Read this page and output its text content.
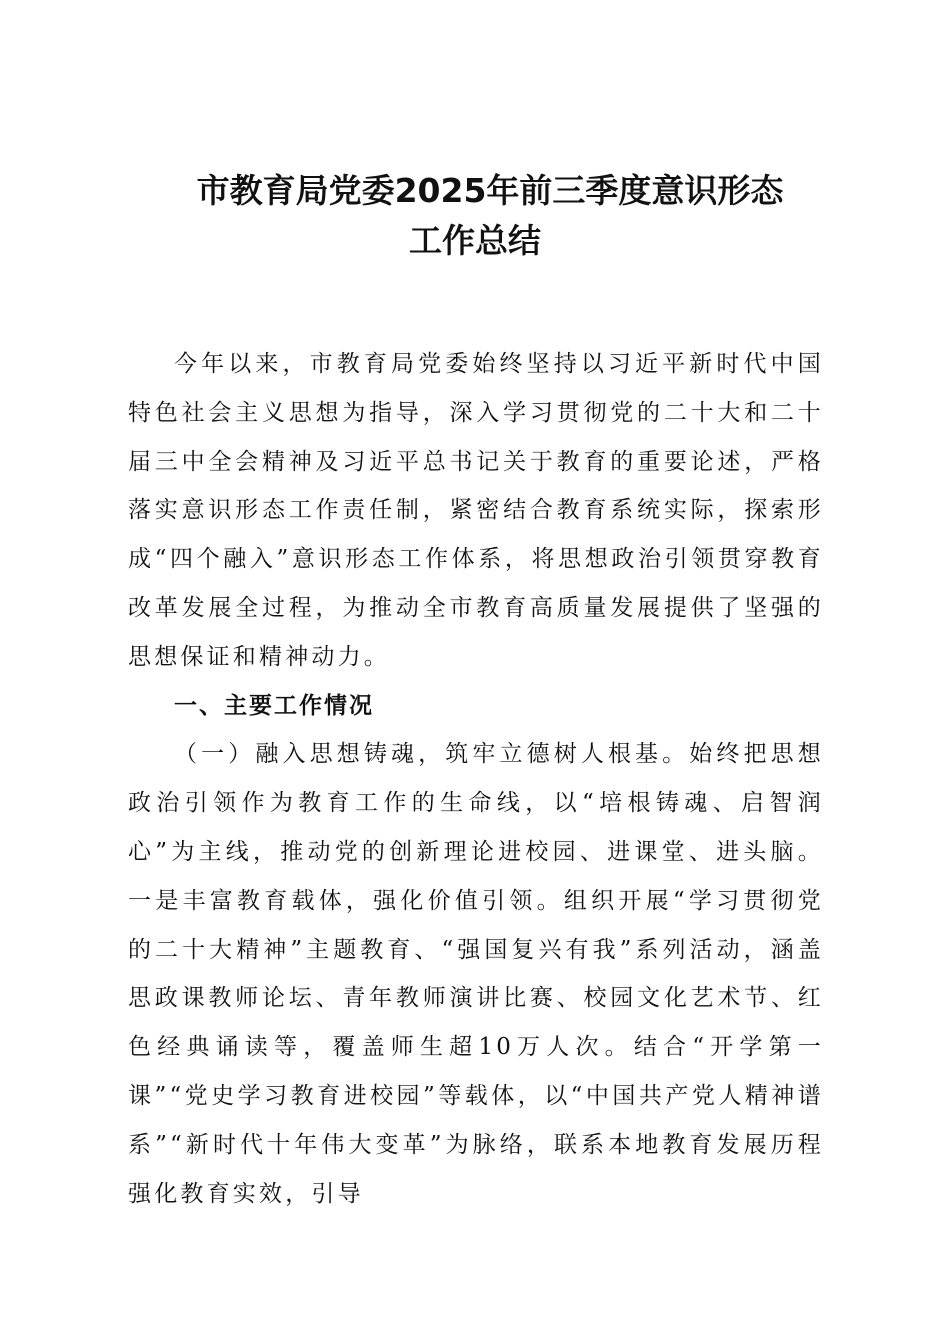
市教育局党委2025年前三季度意识形态
工作总结

今年以来，市教育局党委始终坚持以习近平新时代中国特色社会主义思想为指导，深入学习贯彻党的二十大和二十届三中全会精神及习近平总书记关于教育的重要论述，严格落实意识形态工作责任制，紧密结合教育系统实际，探索形成“四个融入”意识形态工作体系，将思想政治引领贯穿教育改革发展全过程，为推动全市教育高质量发展提供了坚强的思想保证和精神动力。

一、主要工作情况

（一）融入思想铸魂，筑牢立德树人根基。始终把思想政治引领作为教育工作的生命线，以“培根铸魂、启智润心”为主线，推动党的创新理论进校园、进课堂、进头脑。一是丰富教育载体，强化价值引领。组织开展“学习贯彻党的二十大精神”主题教育、“强国复兴有我”系列活动，涵盖思政课教师论坛、青年教师演讲比赛、校园文化艺术节、红色经典诵读等，覆盖师生超10万人次。结合“开学第一课”“党史学习教育进校园”等载体，以“中国共产党人精神谱系”“新时代十年伟大变革”为脉络，联系本地教育发展历程强化教育实效，引导
